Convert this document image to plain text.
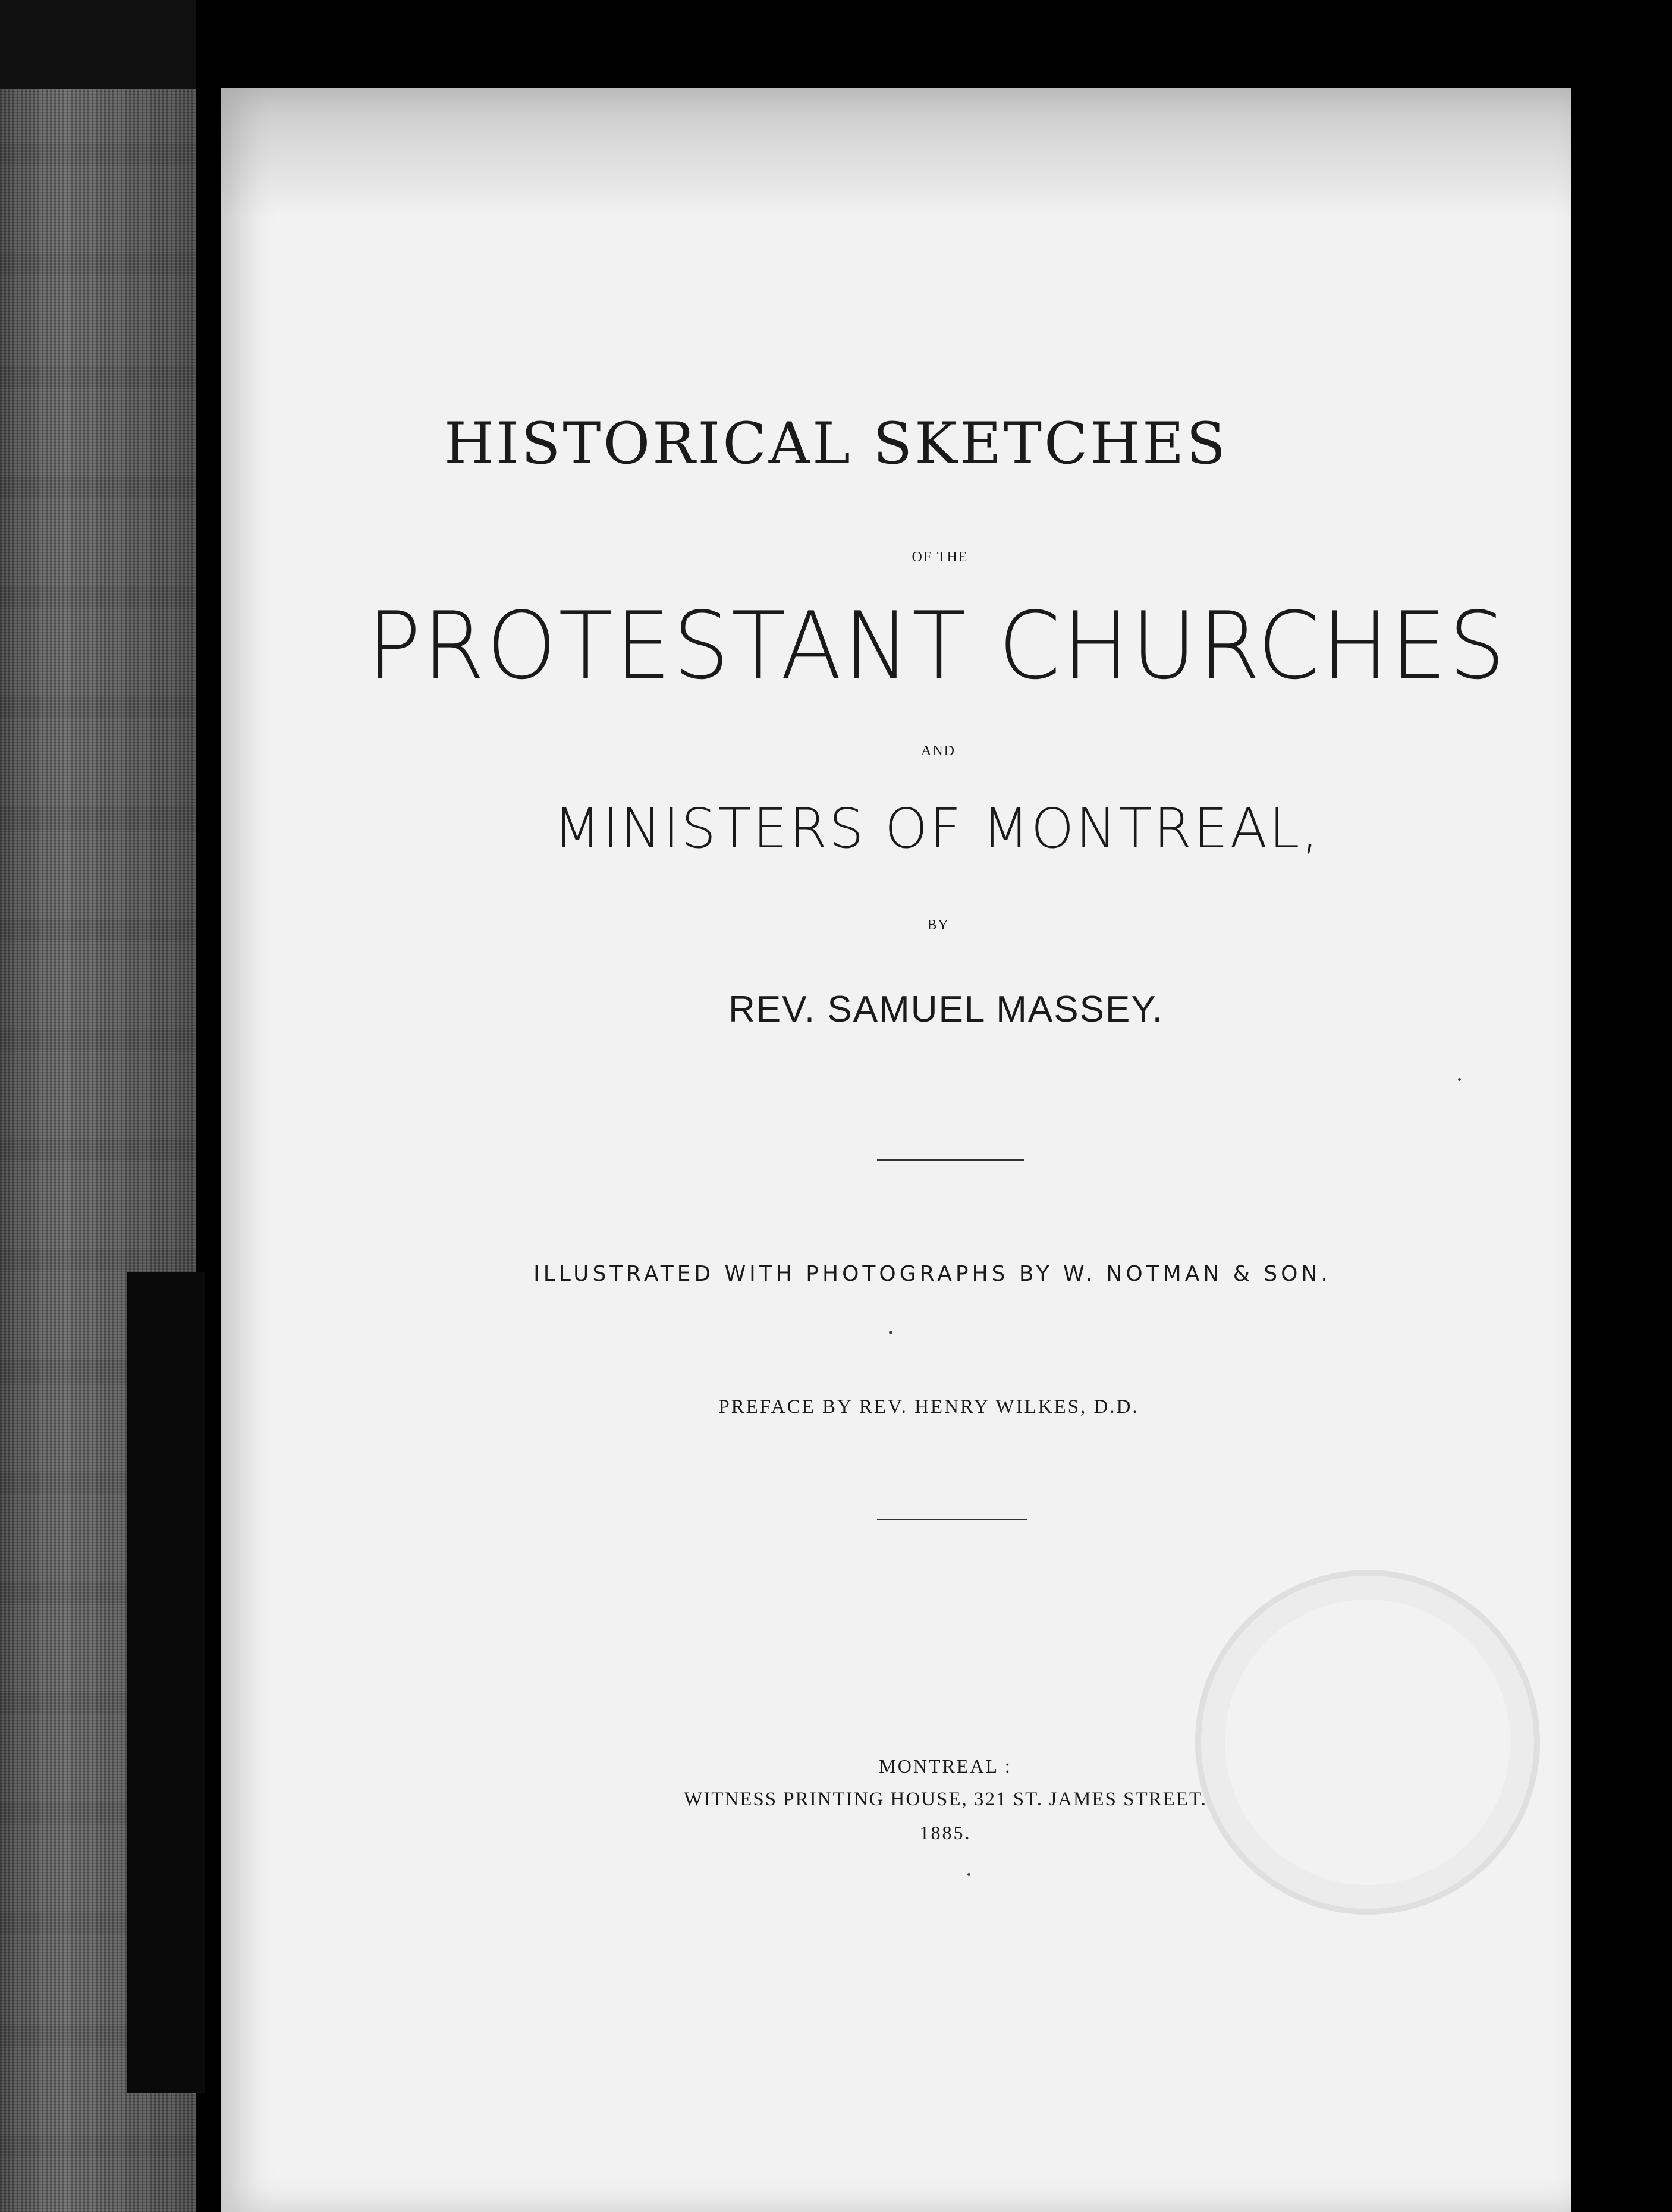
HISTORICAL SKETCHES
OF THE
PROTESTANT CHURCHES
AND
MINISTERS OF MONTREAL,
BY
REV. SAMUEL MASSEY.
ILLUSTRATED WITH PHOTOGRAPHS BY W. NOTMAN & SON.
PREFACE BY REV. HENRY WILKES, D.D.
MONTREAL :
WITNESS PRINTING HOUSE, 321 ST. JAMES STREET.
1885.
